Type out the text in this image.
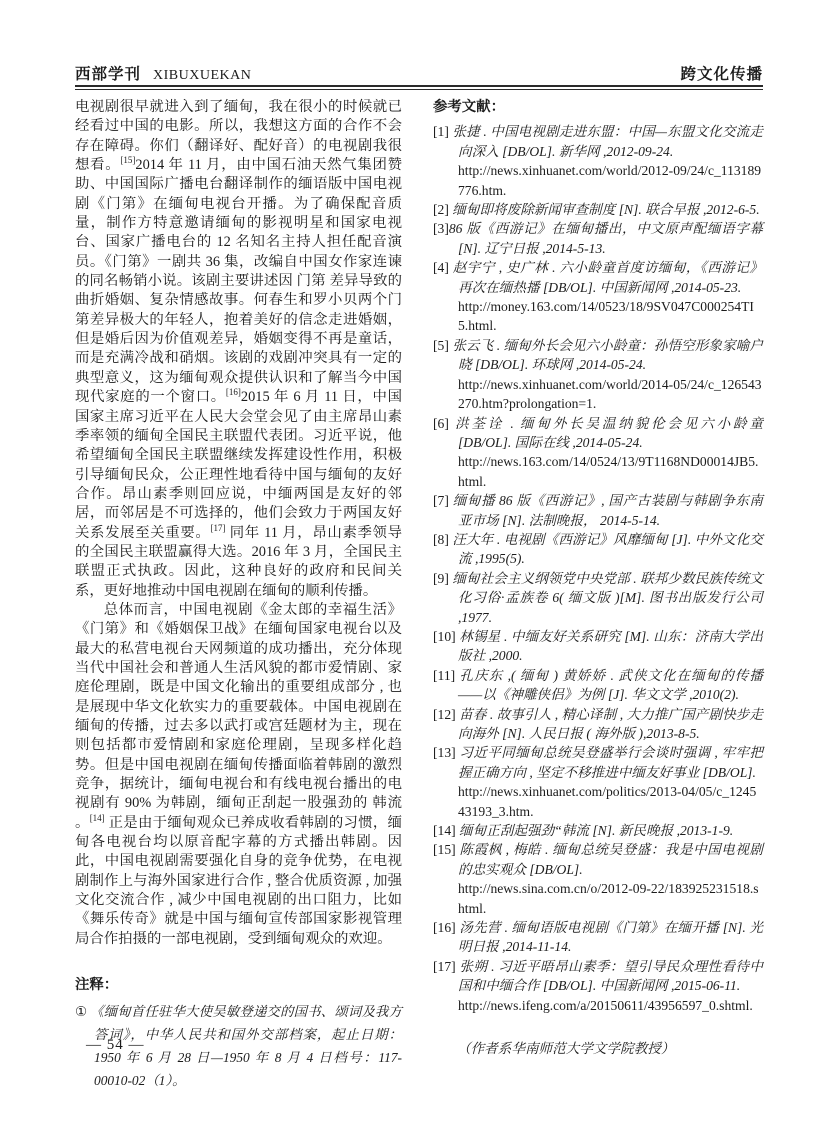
西部学刊 XIBUXUEKAN	跨文化传播

电视剧很早就进入到了缅甸，我在很小的时候就已经看过中国的电影。所以，我想这方面的合作不会存在障碍。你们（翻译好、配好音）的电视剧我很想看。[15]2014 年 11 月，由中国石油天然气集团赞助、中国国际广播电台翻译制作的缅语版中国电视剧《门第》在缅甸电视台开播。为了确保配音质量，制作方特意邀请缅甸的影视明星和国家电视台、国家广播电台的 12 名知名主持人担任配音演员。《门第》一剧共 36 集，改编自中国女作家连谏的同名畅销小说。该剧主要讲述因 门第 差异导致的曲折婚姻、复杂情感故事。何春生和罗小贝两个门第差异极大的年轻人，抱着美好的信念走进婚姻，但是婚后因为价值观差异，婚姻变得不再是童话，而是充满冷战和硝烟。该剧的戏剧冲突具有一定的典型意义，这为缅甸观众提供认识和了解当今中国现代家庭的一个窗口。[16]2015 年 6 月 11 日，中国国家主席习近平在人民大会堂会见了由主席昂山素季率领的缅甸全国民主联盟代表团。习近平说，他希望缅甸全国民主联盟继续发挥建设性作用，积极引导缅甸民众，公正理性地看待中国与缅甸的友好合作。昂山素季则回应说，中缅两国是友好的邻居，而邻居是不可选择的，他们会致力于两国友好关系发展至关重要。[17] 同年 11 月，昂山素季领导的全国民主联盟赢得大选。2016 年 3 月，全国民主联盟正式执政。因此，这种良好的政府和民间关系，更好地推动中国电视剧在缅甸的顺利传播。

总体而言，中国电视剧《金太郎的幸福生活》《门第》和《婚姻保卫战》在缅甸国家电视台以及最大的私营电视台天网频道的成功播出，充分体现当代中国社会和普通人生活风貌的都市爱情剧、家庭伦理剧，既是中国文化输出的重要组成部分 , 也是展现中华文化软实力的重要载体。中国电视剧在缅甸的传播，过去多以武打或宫廷题材为主，现在则包括都市爱情剧和家庭伦理剧，呈现多样化趋势。但是中国电视剧在缅甸传播面临着韩剧的激烈竞争，据统计，缅甸电视台和有线电视台播出的电视剧有 90% 为韩剧，缅甸正刮起一股强劲的 韩流 。[14] 正是由于缅甸观众已养成收看韩剧的习惯，缅甸各电视台均以原音配字幕的方式播出韩剧。因此，中国电视剧需要强化自身的竞争优势，在电视剧制作上与海外国家进行合作 , 整合优质资源 , 加强文化交流合作 , 减少中国电视剧的出口阻力，比如《舞乐传奇》就是中国与缅甸宣传部国家影视管理局合作拍摄的一部电视剧，受到缅甸观众的欢迎。

注释：
① 《缅甸首任驻华大使吴敏登递交的国书、颂词及我方答词》，中华人民共和国外交部档案，起止日期：1950 年 6 月 28 日—1950 年 8 月 4 日档号：117-00010-02（1）。
参考文献：
[1] 张捷 . 中国电视剧走进东盟：中国—东盟文化交流走向深入 [DB/OL]. 新华网 ,2012-09-24.
http://news.xinhuanet.com/world/2012-09/24/c_113189776.htm.
[2] 缅甸即将废除新闻审查制度 [N]. 联合早报 ,2012-6-5.
[3]86 版《西游记》在缅甸播出，中文原声配缅语字幕 [N]. 辽宁日报 ,2014-5-13.
[4] 赵宇宁 , 史广林 . 六小龄童首度访缅甸，《西游记》再次在缅热播 [DB/OL]. 中国新闻网 ,2014-05-23.
http://money.163.com/14/0523/18/9SV047C000254TI5.html.
[5] 张云飞 . 缅甸外长会见六小龄童：孙悟空形象家喻户晓 [DB/OL]. 环球网 ,2014-05-24.
http://news.xinhuanet.com/world/2014-05/24/c_126543270.htm?prolongation=1.
[6] 洪荃诠 . 缅甸外长吴温纳貌伦会见六小龄童 [DB/OL]. 国际在线 ,2014-05-24.
http://news.163.com/14/0524/13/9T1168ND00014JB5.html.
[7] 缅甸播 86 版《西游记》, 国产古装剧与韩剧争东南亚市场 [N]. 法制晚报， 2014-5-14.
[8] 汪大年 . 电视剧《西游记》风靡缅甸 [J]. 中外文化交流 ,1995(5).
[9] 缅甸社会主义纲领党中央党部 . 联邦少数民族传统文化习俗·孟族卷 6( 缅文版 )[M]. 图书出版发行公司 ,1977.
[10] 林锡星 . 中缅友好关系研究 [M]. 山东：济南大学出版社 ,2000.
[11] 孔庆东 ,( 缅甸 ) 黄娇娇 . 武侠文化在缅甸的传播——以《神雕侠侣》为例 [J]. 华文文学 ,2010(2).
[12] 苗春 . 故事引人 , 精心译制 , 大力推广国产剧快步走向海外 [N]. 人民日报 ( 海外版 ),2013-8-5.
[13] 习近平同缅甸总统吴登盛举行会谈时强调 , 牢牢把握正确方向 , 坚定不移推进中缅友好事业 [DB/OL].
http://news.xinhuanet.com/politics/2013-04/05/c_124543193_3.htm.
[14] 缅甸正刮起强劲“韩流 [N]. 新民晚报 ,2013-1-9.
[15] 陈霞枫 , 梅皓 . 缅甸总统吴登盛：我是中国电视剧的忠实观众 [DB/OL].
http://news.sina.com.cn/o/2012-09-22/183925231518.shtml.
[16] 汤先营 . 缅甸语版电视剧《门第》在缅开播 [N]. 光明日报 ,2014-11-14.
[17] 张朔 . 习近平晤昂山素季：望引导民众理性看待中国和中缅合作 [DB/OL]. 中国新闻网 ,2015-06-11.
http://news.ifeng.com/a/20150611/43956597_0.shtml.
（作者系华南师范大学文学院教授）
— 54 —
